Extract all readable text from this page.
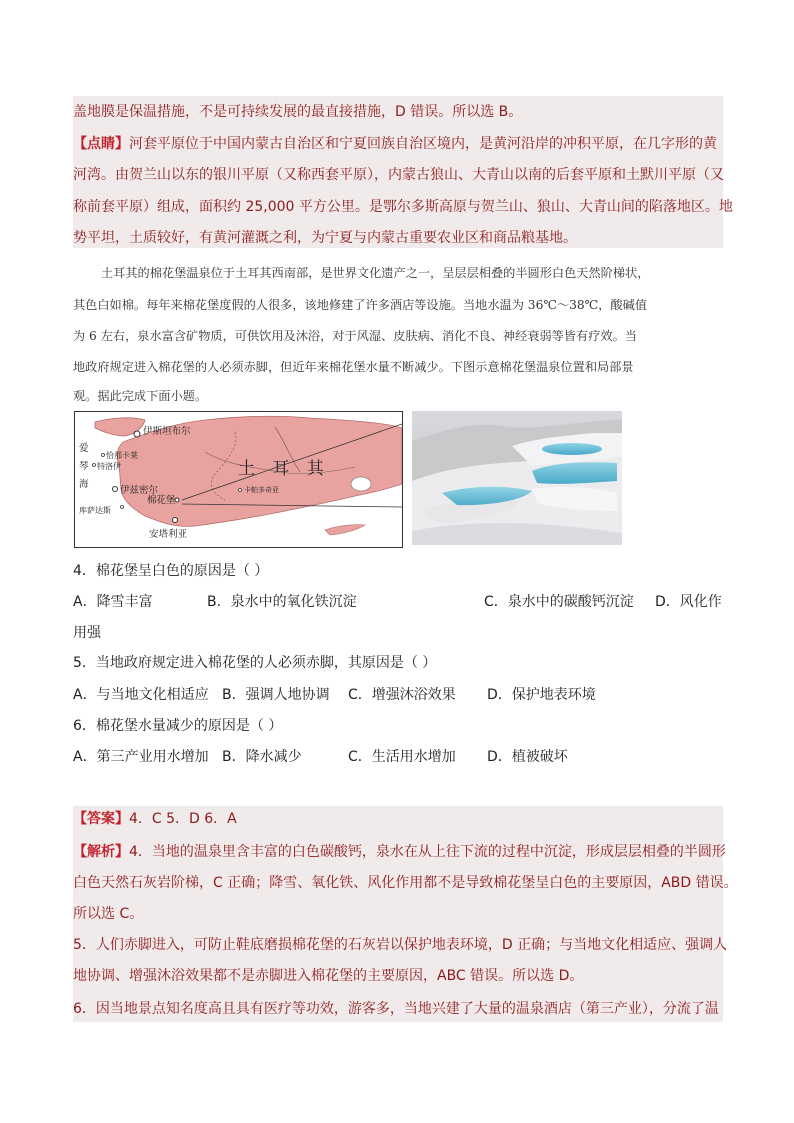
盖地膜是保温措施，不是可持续发展的最直接措施，D 错误。所以选 B。
【点睛】河套平原位于中国内蒙古自治区和宁夏回族自治区境内，是黄河沿岸的冲积平原，在几字形的黄
河湾。由贺兰山以东的银川平原（又称西套平原），内蒙古狼山、大青山以南的后套平原和土默川平原（又
称前套平原）组成，面积约 25,000 平方公里。是鄂尔多斯高原与贺兰山、狼山、大青山间的陷落地区。地
势平坦，土质较好，有黄河灌溉之利，为宁夏与内蒙古重要农业区和商品粮基地。
土耳其的棉花堡温泉位于土耳其西南部，是世界文化遗产之一，呈层层相叠的半圆形白色天然阶梯状，
其色白如棉。每年来棉花堡度假的人很多，该地修建了许多酒店等设施。当地水温为 36℃～38℃，酸碱值
为 6 左右，泉水富含矿物质，可供饮用及沐浴，对于风湿、皮肤病、消化不良、神经衰弱等皆有疗效。当
地政府规定进入棉花堡的人必须赤脚，但近年来棉花堡水量不断减少。下图示意棉花堡温泉位置和局部景
观。据此完成下面小题。
伊斯坦布尔
恰那卡莱
特洛伊
伊兹密尔
棉花堡
库萨达斯
安塔利亚
卡帕多奇亚
土 耳 其
爱
琴
海
4．棉花堡呈白色的原因是（ ）
A．降雪丰富	B．泉水中的氧化铁沉淀	C．泉水中的碳酸钙沉淀 D．风化作
用强
5．当地政府规定进入棉花堡的人必须赤脚，其原因是（ ）
A．与当地文化相适应 B．强调人地协调 C．增强沐浴效果 D．保护地表环境
6．棉花堡水量减少的原因是（ ）
A．第三产业用水增加 B．降水减少	C．生活用水增加 D．植被破坏
【答案】4．C 5．D 6．A
【解析】4．当地的温泉里含丰富的白色碳酸钙，泉水在从上往下流的过程中沉淀，形成层层相叠的半圆形
白色天然石灰岩阶梯，C 正确；降雪、氧化铁、风化作用都不是导致棉花堡呈白色的主要原因，ABD 错误。
所以选 C。
5．人们赤脚进入，可防止鞋底磨损棉花堡的石灰岩以保护地表环境，D 正确；与当地文化相适应、强调人
地协调、增强沐浴效果都不是赤脚进入棉花堡的主要原因，ABC 错误。所以选 D。
6．因当地景点知名度高且具有医疗等功效，游客多，当地兴建了大量的温泉酒店（第三产业），分流了温
